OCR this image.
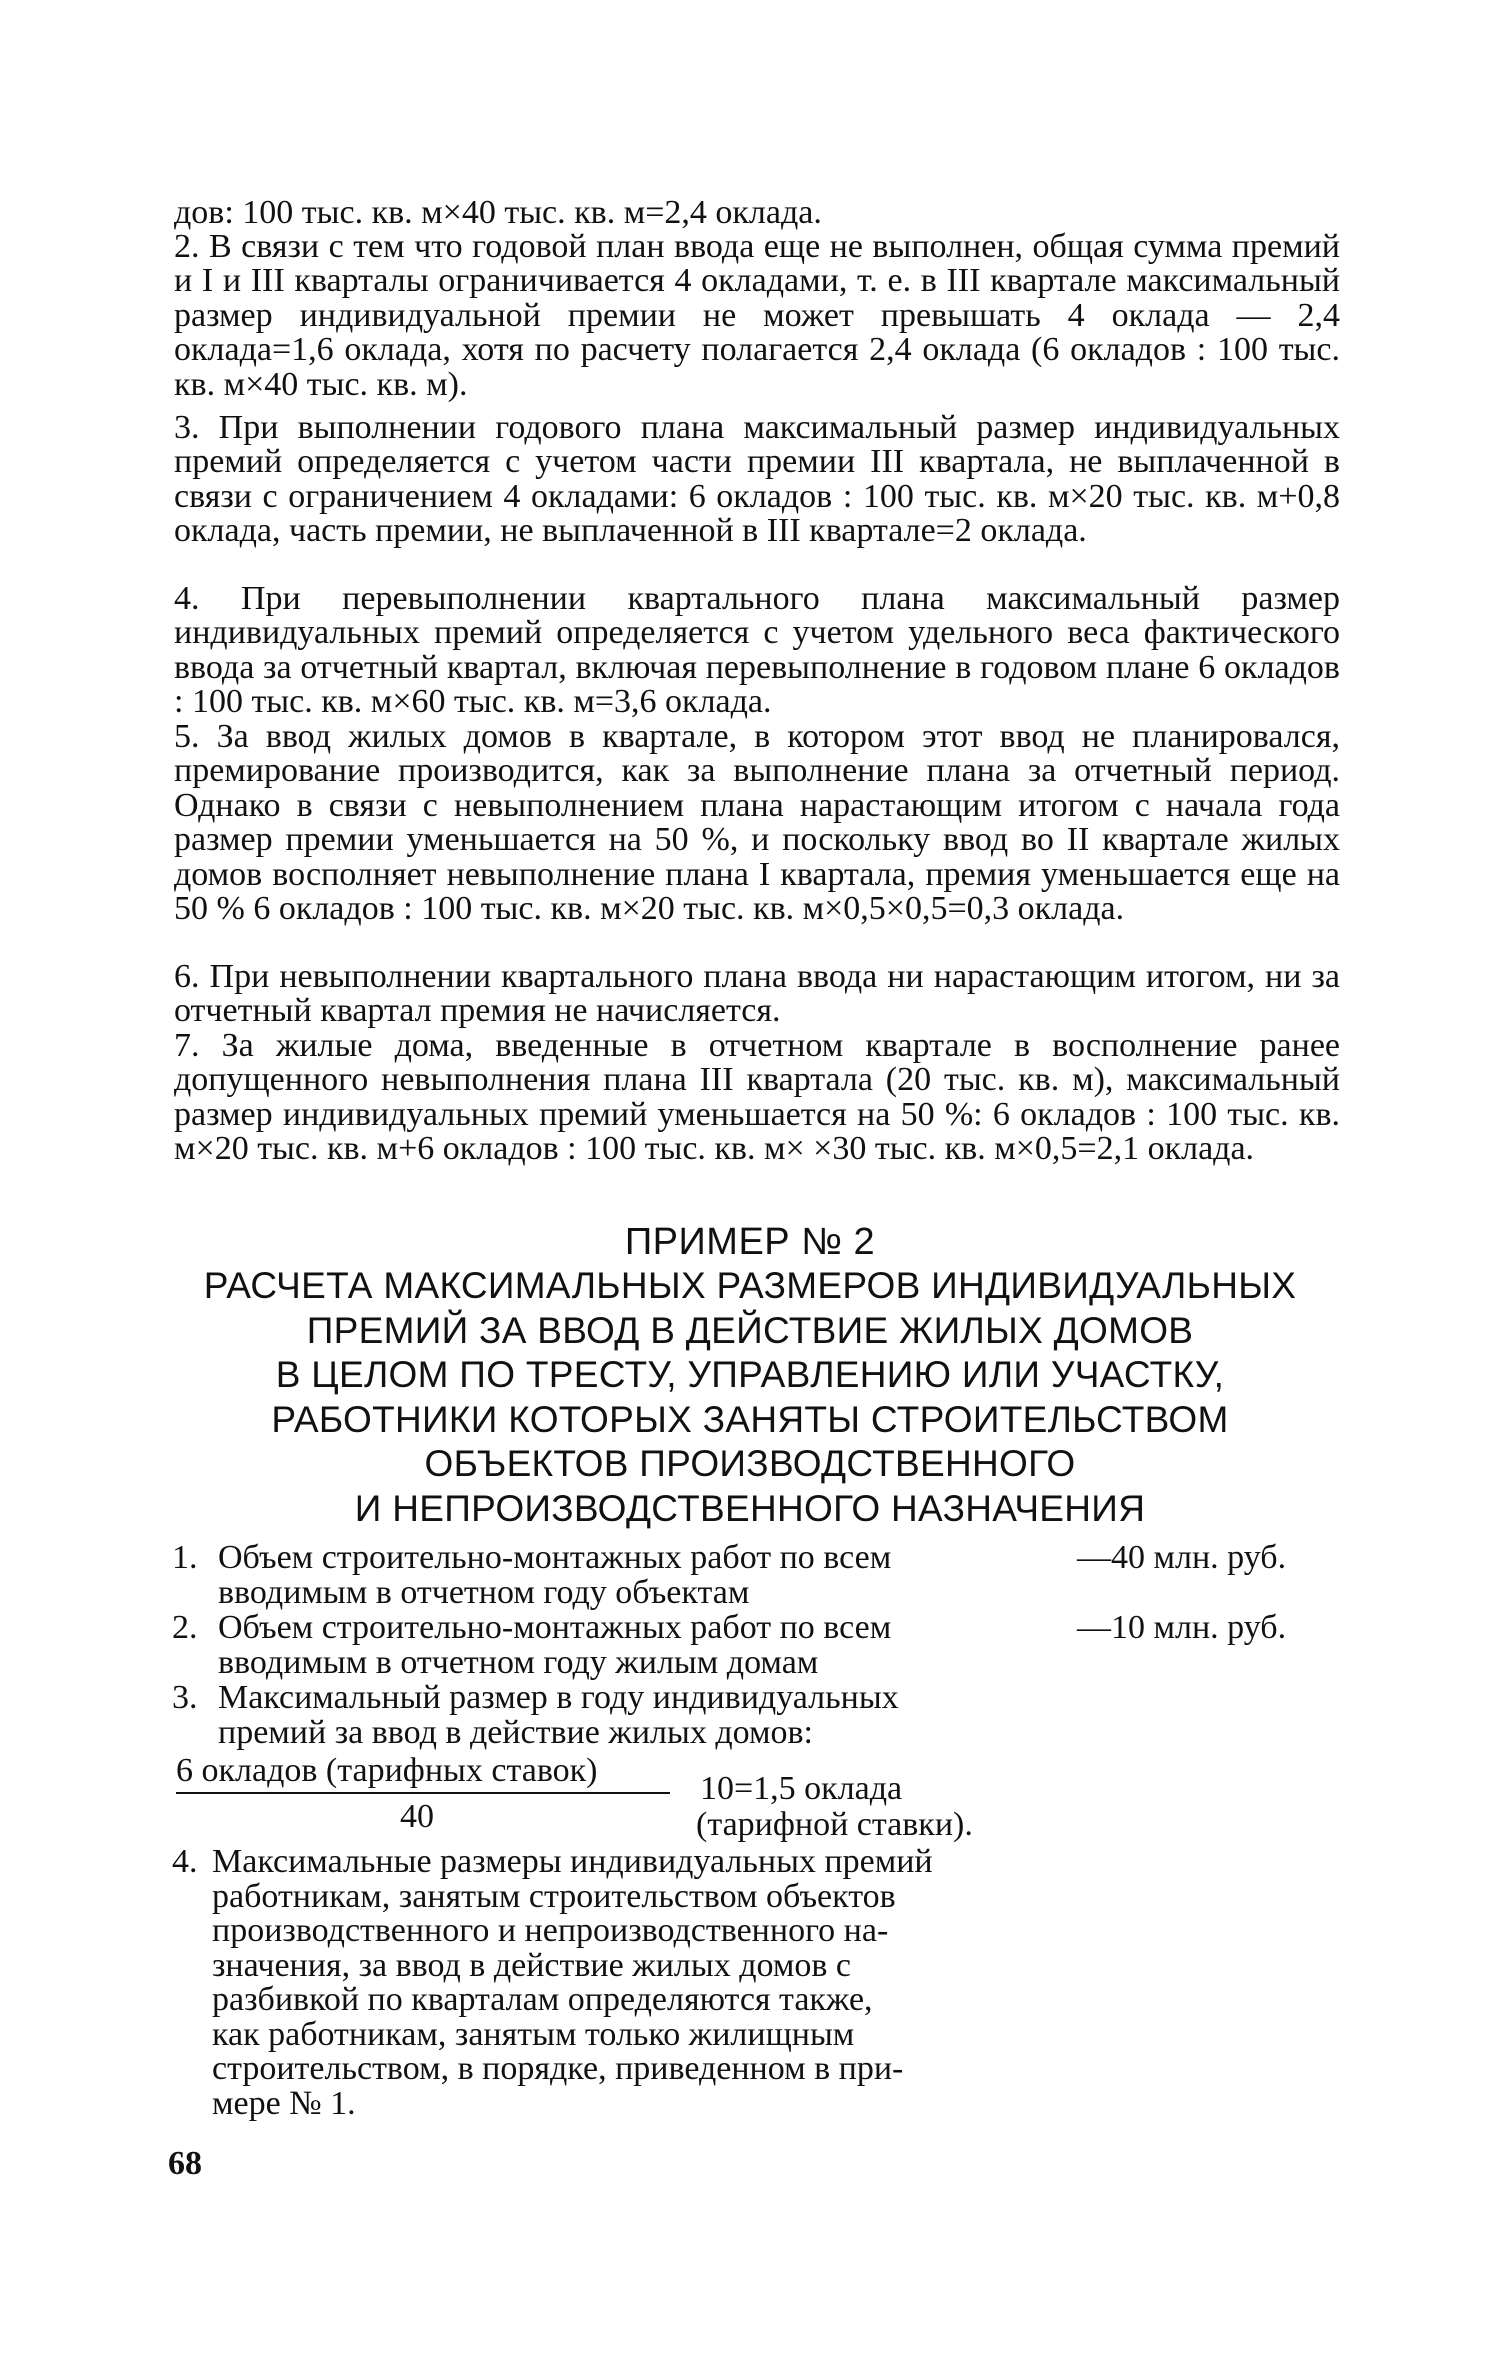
дов: 100 тыс. кв. м×40 тыс. кв. м=2,4 оклада.

2. В связи с тем что годовой план ввода еще не выполнен, общая сумма премий и I и III кварталы ограничивается 4 окладами, т. е. в III квартале максимальный размер индивидуальной премии не может превышать 4 оклада — 2,4 оклада=1,6 оклада, хотя по расчету полагается 2,4 оклада (6 окладов : 100 тыс. кв. м×40 тыс. кв. м).

3. При выполнении годового плана максимальный размер индивидуальных премий определяется с учетом части премии III квартала, не выплаченной в связи с ограничением 4 окладами: 6 окладов : 100 тыс. кв. м×20 тыс. кв. м+0,8 оклада, часть премии, не выплаченной в III квартале=2 оклада.

4. При перевыполнении квартального плана максимальный размер индивидуальных премий определяется с учетом удельного веса фактического ввода за отчетный квартал, включая перевыполнение в годовом плане 6 окладов : 100 тыс. кв. м×60 тыс. кв. м=3,6 оклада.

5. За ввод жилых домов в квартале, в котором этот ввод не планировался, премирование производится, как за выполнение плана за отчетный период. Однако в связи с невыполнением плана нарастающим итогом с начала года размер премии уменьшается на 50 %, и поскольку ввод во II квартале жилых домов восполняет невыполнение плана I квартала, премия уменьшается еще на 50 % 6 окладов : 100 тыс. кв. м×20 тыс. кв. м×0,5×0,5=0,3 оклада.

6. При невыполнении квартального плана ввода ни нарастающим итогом, ни за отчетный квартал премия не начисляется.

7. За жилые дома, введенные в отчетном квартале в восполнение ранее допущенного невыполнения плана III квартала (20 тыс. кв. м), максимальный размер индивидуальных премий уменьшается на 50 %: 6 окладов : 100 тыс. кв. м×20 тыс. кв. м+6 окладов : 100 тыс. кв. м× ×30 тыс. кв. м×0,5=2,1 оклада.

ПРИМЕР № 2
РАСЧЕТА МАКСИМАЛЬНЫХ РАЗМЕРОВ ИНДИВИДУАЛЬНЫХ
ПРЕМИЙ ЗА ВВОД В ДЕЙСТВИЕ ЖИЛЫХ ДОМОВ
В ЦЕЛОМ ПО ТРЕСТУ, УПРАВЛЕНИЮ ИЛИ УЧАСТКУ,
РАБОТНИКИ КОТОРЫХ ЗАНЯТЫ СТРОИТЕЛЬСТВОМ
ОБЪЕКТОВ ПРОИЗВОДСТВЕННОГО
И НЕПРОИЗВОДСТВЕННОГО НАЗНАЧЕНИЯ
1. Объем строительно-монтажных работ по всем
вводимым в отчетном году объектам
—40 млн. руб.
2. Объем строительно-монтажных работ по всем
вводимым в отчетном году жилым домам
—10 млн. руб.
3. Максимальный размер в году индивидуальных
премий за ввод в действие жилых домов:
6 окладов (тарифных ставок)
40
10=1,5 оклада
(тарифной ставки).
4. Максимальные размеры индивидуальных премий
работникам, занятым строительством объектов
производственного и непроизводственного на-
значения, за ввод в действие жилых домов с
разбивкой по кварталам определяются также,
как работникам, занятым только жилищным
строительством, в порядке, приведенном в при-
мере № 1.
68
